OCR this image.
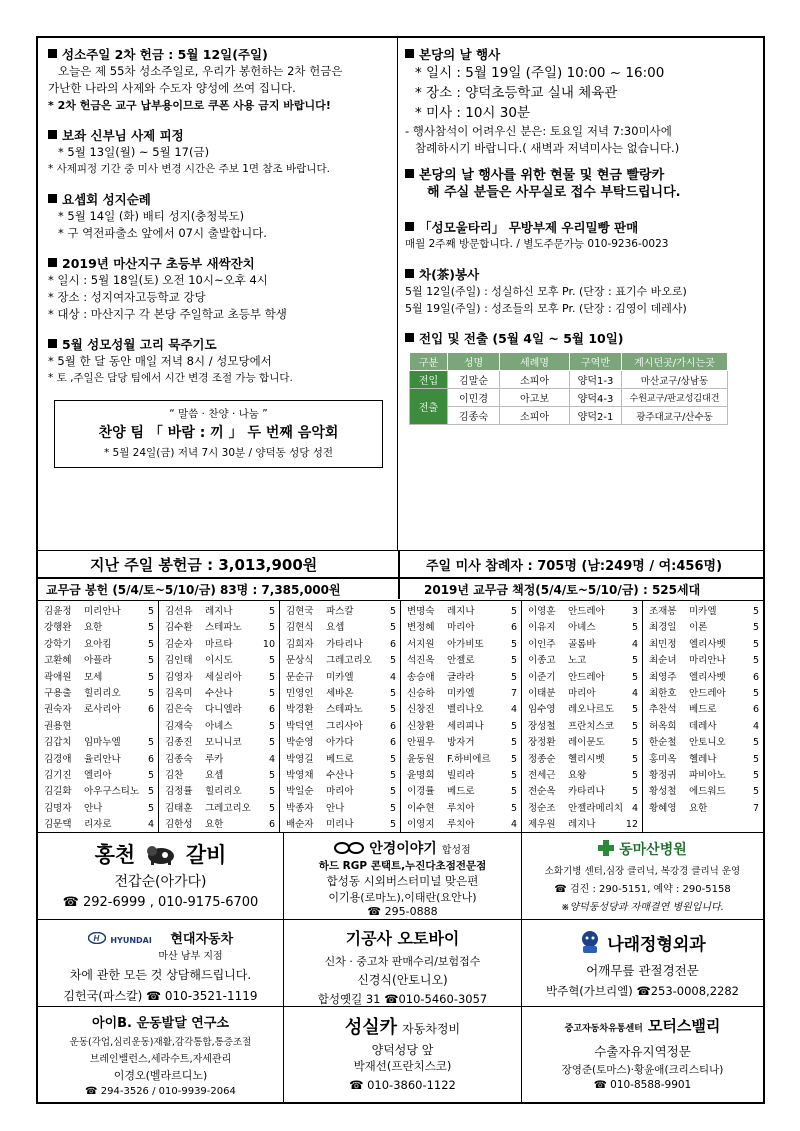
성소주일 2차 헌금 : 5월 12일(주일)
오늘은 제 55차 성소주일로, 우리가 봉헌하는 2차 헌금은
가난한 나라의 사제와 수도자 양성에 쓰여 집니다.
* 2차 헌금은 교구 납부용이므로 쿠폰 사용 금지 바랍니다!
보좌 신부님 사제 피정
* 5월 13일(월) ~ 5월 17(금)
* 사제피정 기간 중 미사 변경 시간은 주보 1면 참조 바랍니다.
요셉회 성지순례
* 5월 14일 (화) 배티 성지(충청북도)
* 구 역전파출소 앞에서 07시 출발합니다.
2019년 마산지구 초등부 새싹잔치
* 일시 : 5월 18일(토) 오전 10시~오후 4시
* 장소 : 성지여자고등학교 강당
* 대상 : 마산지구 각 본당 주일학교 초등부 학생
5월 성모성월 고리 묵주기도
* 5월 한 달 동안 매일 저녁 8시 / 성모당에서
* 토 ,주일은 담당 팀에서 시간 변경 조절 가능 합니다.
“ 말씀 · 찬양 · 나눔 ”
찬양 팀 「 바람 : 끼 」 두 번째 음악회
* 5월 24일(금) 저녁 7시 30분 / 양덕동 성당 성전
본당의 날 행사
* 일시 : 5월 19일 (주일) 10:00 ~ 16:00
* 장소 : 양덕초등학교 실내 체육관
* 미사 : 10시 30분
- 행사참석이 어려우신 분은: 토요일 저녁 7:30미사에
참례하시기 바랍니다.( 새벽과 저녁미사는 없습니다.)
본당의 날 행사를 위한 현물 및 현금 빨랑카
해 주실 분들은 사무실로 접수 부탁드립니다.
「성모울타리」 무방부제 우리밀빵 판매
매월 2주째 방문합니다. / 별도주문가능 010-9236-0023
차(茶)봉사
5월 12일(주일) : 성실하신 모후 Pr. (단장 : 표기수 바오로)
5월 19일(주일) : 성조들의 모후 Pr. (단장 : 김영이 데레사)
전입 및 전출 (5월 4일 ~ 5월 10일)
구분	성명	세례명	구역반	계시던곳/가시는곳
전입	김말순	소피아	양덕1-3	마산교구/상남동
전출	이민경	아고보	양덕4-3	수원교구/판교성김대건
	김종숙	소피아	양덕2-1	광주대교구/산수동
지난 주일 봉헌금 : 3,013,900원	주일 미사 참례자 : 705명 (남:249명 / 여:456명)
교무금 봉헌 (5/4/토~5/10/금) 83명 : 7,385,000원	2019년 교무금 책정(5/4/토~5/10/금) : 525세대
김윤정 미리안나	5
강행완 요한	5
강학기 요아킴	5
고환혜 아플라	5
곽애원 모세	5
구용출 힐리리오	5
권숙자 로사리아	6
권용현
김갑치 임마누엘	5
김경애 율리안나	6
김기진 엘리아	5
김길화 아우구스티노 5
김명자 안나	5
김문택 리자로	4
김선유 레지나	5
김수환 스테파노	5
김순자 마르타	10
김인태 이시도	5
김영자 세실리아	5
김옥미 수산나	5
김은숙 다니엘라	6
김재숙 아녜스	5
김종진 모니니코	5
김종숙 루카	4
김찬 요셉	5
김정률 힐리리오	5
김태훈 그레고리오 5
김한성 요한	6
김현국 파스칼	5
김현식 요셉	5
김희자 가타리나	6
문상식 그레고리오 5
문순규 미카엘	4
민영인 세바온	5
박경환 스테파노	5
박덕연 그리사아	6
박순영 아가다	6
박영길 베드로	5
박영채 수산나	5
박일순 마리아	5
박종자 안나	5
배순자 미리나	5
변명숙 레지나	5
변정혜 마리아	6
서지원 아가비또	5
석진옥 안젤로	5
송승애 글라라	5
신승하 미카엘	7
신창진 벨리나오	4
신창환 세리피나	5
안필우 방자거	5
윤동원 F.하비에르 5
윤명희 빌리라	5
이경률 베드로	5
이수현 루치아	5
이영지 루치아	4
이영훈 안드레아	3
이유지 아녜스	5
이인주 골롬바	4
이종고 노고	5
이준기 안드레아	5
이태분 마리아	4
임수영 레오나르도 5
장성철 프란치스코 5
장정환 레이문도	5
정종순 헬리시벳	5
전세근 요왕	5
전순옥 카타리나	5
정순조 안젤라메리치 4
제우원 레지나	12
조재봉 미카엘	5
최경일 이론	5
최민정 엘리사벳	5
최순녀 마리안나	5
최영주 엘리사벳	6
최한호 안드레아	5
추찬석 베드로	6
허옥희 데레사	4
한순철 안토니오	5
홍미옥 헬레나	5
황정귀 파비아노	5
황성철 에드워드	5
황혜영 요한	7
홍천 갈비
전갑순(아가다)
☎ 292-6999 , 010-9175-6700
안경이야기 합성점
하드 RGP 콘택트,누진다초점전문점
합성동 시외버스터미널 맞은편
이기용(로마노),이태란(요안나)
☎ 295-0888
동마산병원
소화기병 센터,심장 클리닉, 복강경 클리닉 운영
☎ 검진 : 290-5151, 예약 : 290-5158
※양덕동성당과 자매결연 병원입니다.
H HYUNDAI 현대자동차
마산 남부 지점
차에 관한 모든 것 상담해드립니다.
김헌국(파스칼) ☎ 010-3521-1119
기공사 오토바이
신차 · 중고차 판매수리/보험접수
신경식(안토니오)
합성옛길 31 ☎010-5460-3057
나래정형외과
어깨무릎 관절경전문
박주혁(가브리엘) ☎253-0008,2282
아이B. 운동발달 연구소
운동(각업,심리운동)재활,감각통합,통증조절
브레인밸런스,세라수트,자세관리
이경오(벨라르디노)
☎ 294-3526 / 010-9939-2064
성실카 자동차정비
양덕성당 앞
박재선(프란치스코)
☎ 010-3860-1122
중고자동차유통센터 모터스밸리
수출자유지역정문
장영준(토마스)·황윤애(크리스티나)
☎ 010-8588-9901
